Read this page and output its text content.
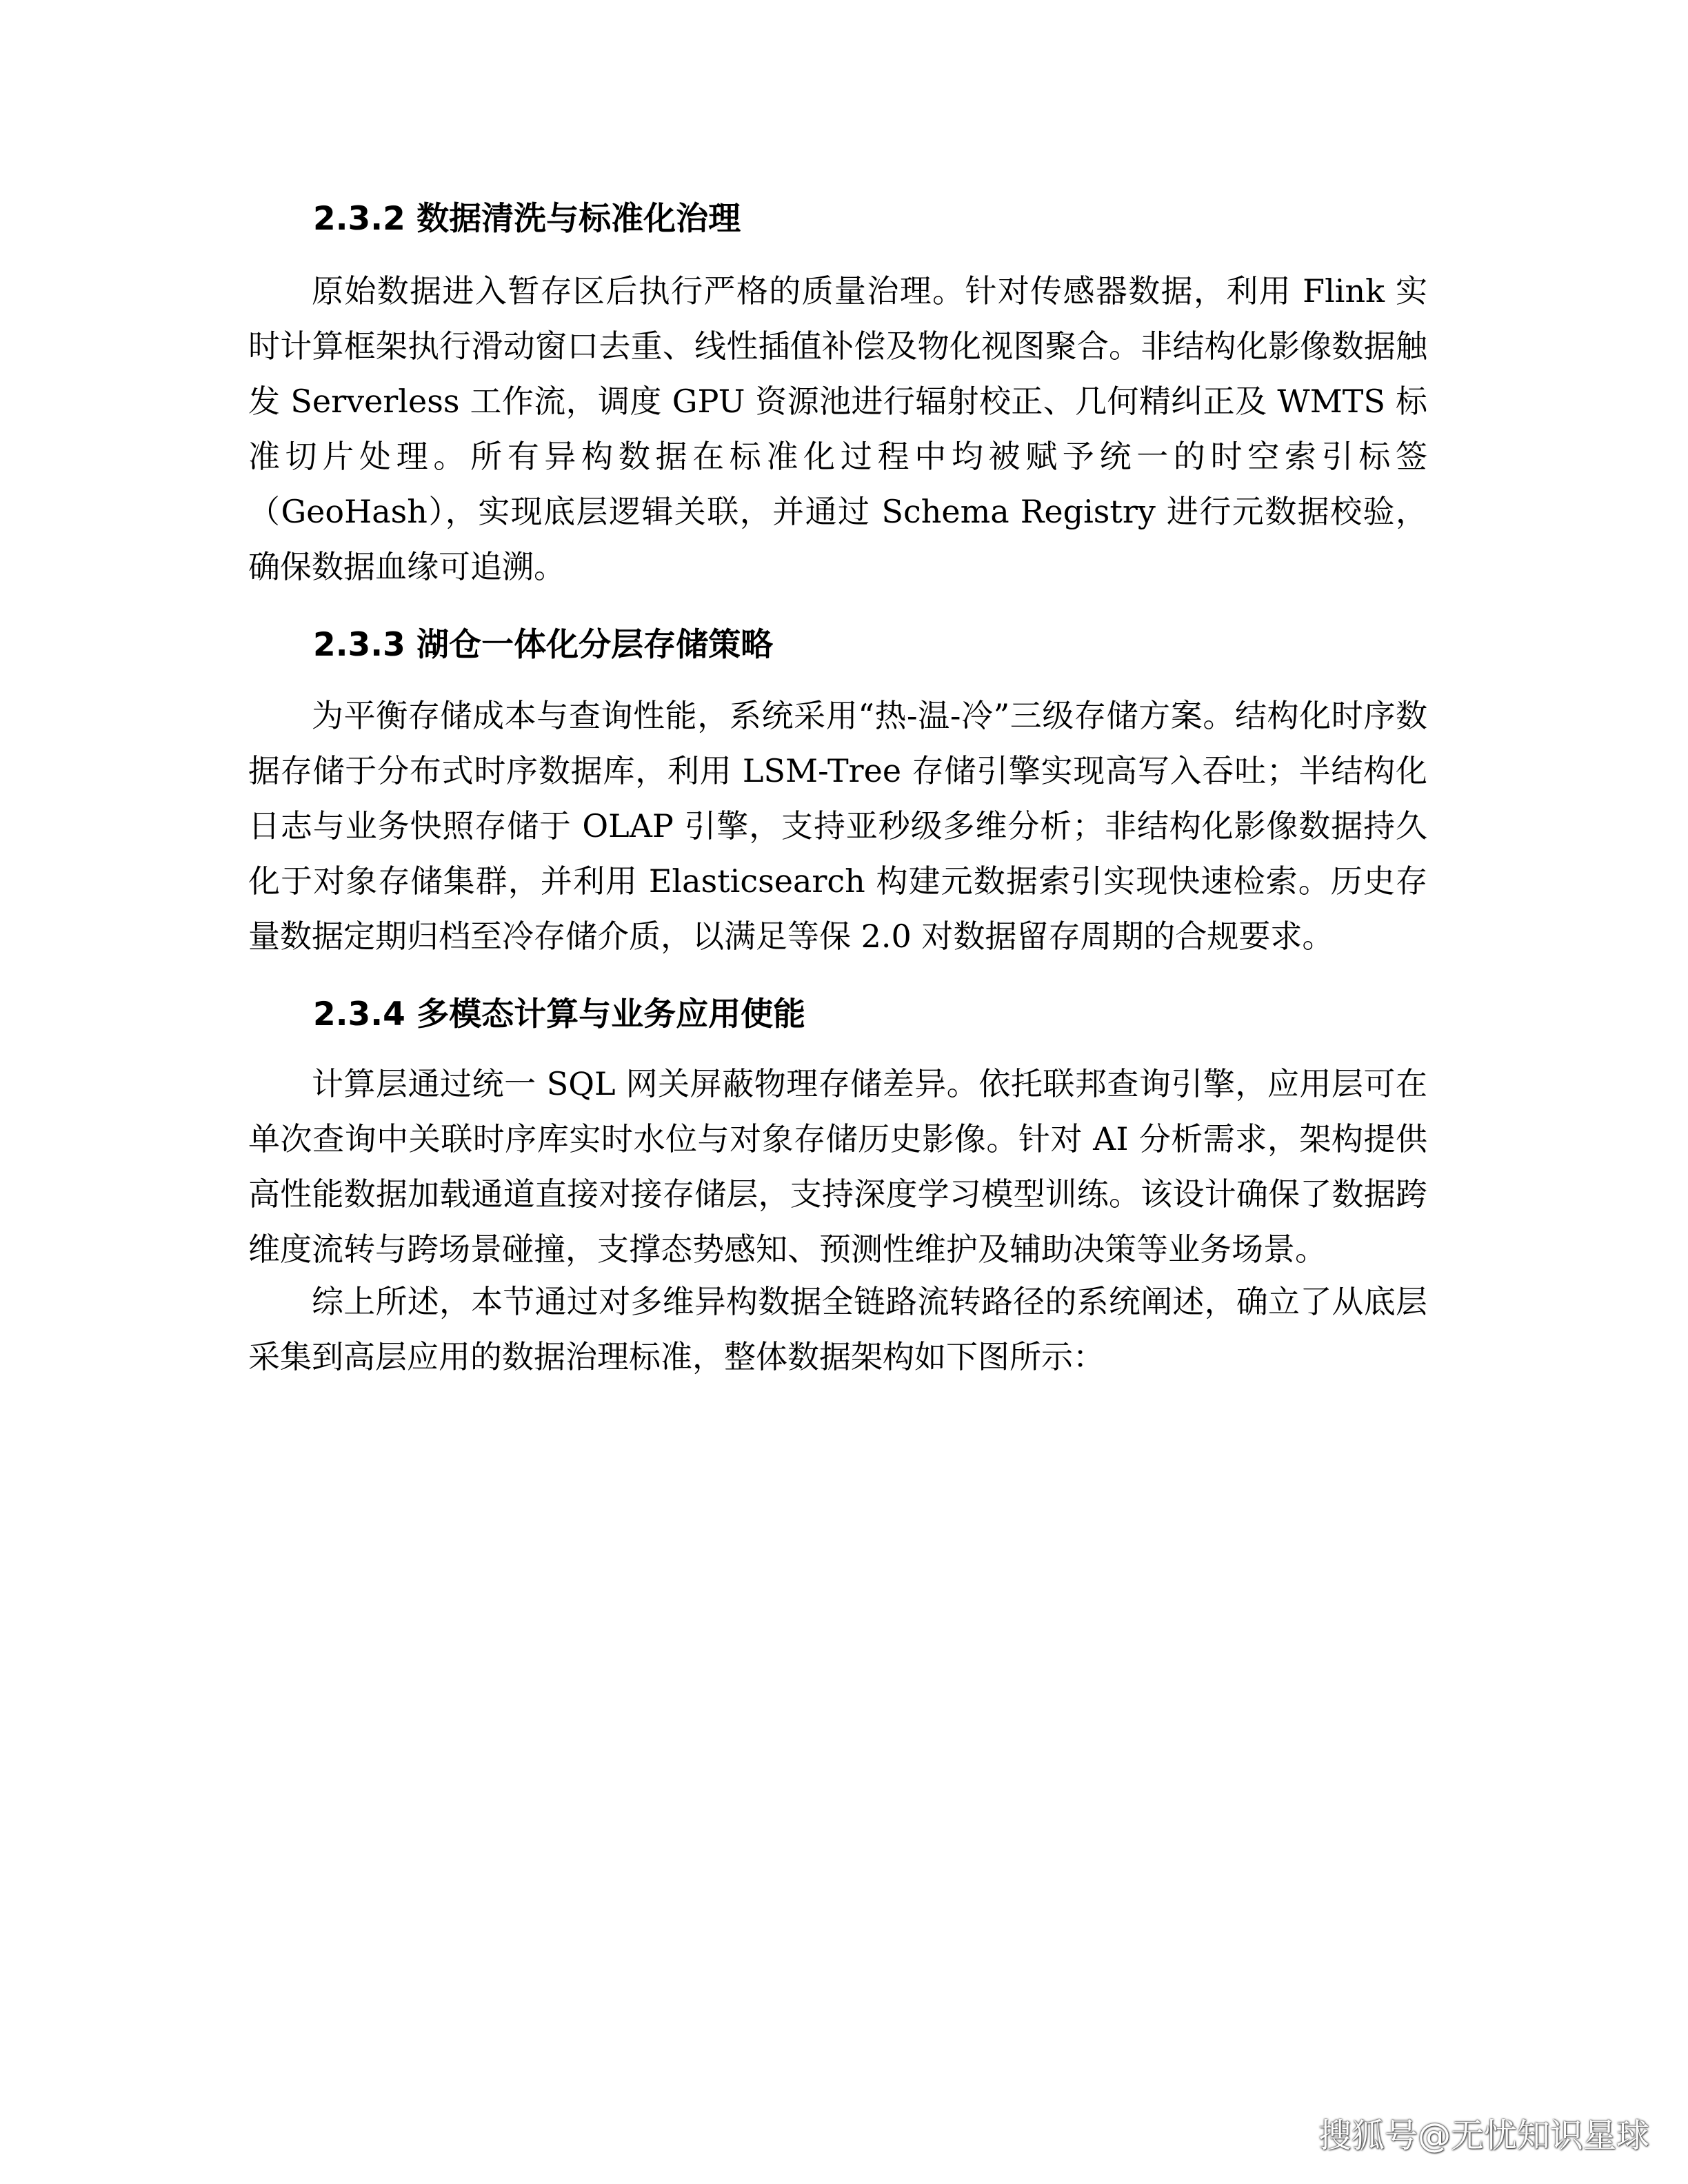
2.3.2 数据清洗与标准化治理

原始数据进入暂存区后执行严格的质量治理。针对传感器数据，利用 Flink 实时计算框架执行滑动窗口去重、线性插值补偿及物化视图聚合。非结构化影像数据触发 Serverless 工作流，调度 GPU 资源池进行辐射校正、几何精纠正及 WMTS 标准切片处理。所有异构数据在标准化过程中均被赋予统一的时空索引标签（GeoHash），实现底层逻辑关联，并通过 Schema Registry 进行元数据校验，确保数据血缘可追溯。

2.3.3 湖仓一体化分层存储策略

为平衡存储成本与查询性能，系统采用“热-温-冷”三级存储方案。结构化时序数据存储于分布式时序数据库，利用 LSM-Tree 存储引擎实现高写入吞吐；半结构化日志与业务快照存储于 OLAP 引擎，支持亚秒级多维分析；非结构化影像数据持久化于对象存储集群，并利用 Elasticsearch 构建元数据索引实现快速检索。历史存量数据定期归档至冷存储介质，以满足等保 2.0 对数据留存周期的合规要求。

2.3.4 多模态计算与业务应用使能

计算层通过统一 SQL 网关屏蔽物理存储差异。依托联邦查询引擎，应用层可在单次查询中关联时序库实时水位与对象存储历史影像。针对 AI 分析需求，架构提供高性能数据加载通道直接对接存储层，支持深度学习模型训练。该设计确保了数据跨维度流转与跨场景碰撞，支撑态势感知、预测性维护及辅助决策等业务场景。

综上所述，本节通过对多维异构数据全链路流转路径的系统阐述，确立了从底层采集到高层应用的数据治理标准，整体数据架构如下图所示：

搜狐号@无忧知识星球
